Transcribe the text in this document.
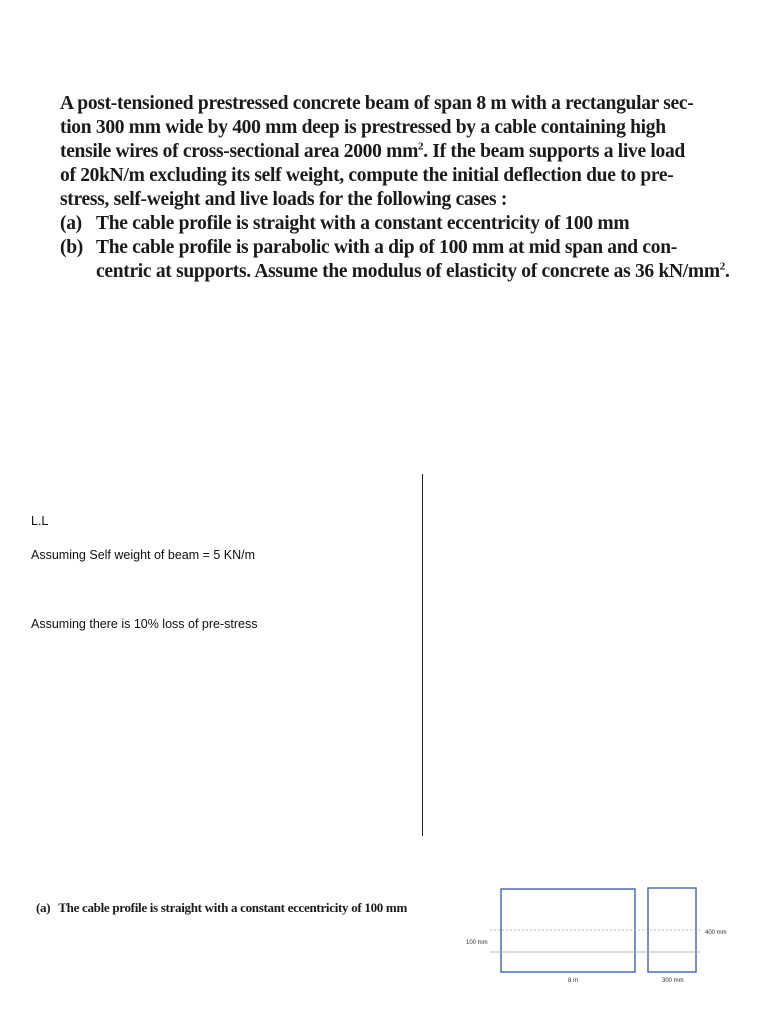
A post-tensioned prestressed concrete beam of span 8 m with a rectangular sec-

tion 300 mm wide by 400 mm deep is prestressed by a cable containing high

tensile wires of cross-sectional area 2000 $mm^2$. If the beam supports a live load

of 20kN/m excluding its self weight, compute the initial deflection due to pre-

stress, self-weight and live loads for the following cases :

(a) The cable profile is straight with a constant eccentricity of 100 mm
(b) The cable profile is parabolic with a dip of 100 mm at mid span and con-
centric at supports. Assume the modulus of elasticity of concrete as 36 $kN/mm^2$.
L.L
Assuming Self weight of beam = 5 KN/m
Assuming there is 10% loss of pre-stress
(a) The cable profile is straight with a constant eccentricity of 100 mm
100 mm
8 m	300 mm
400 mm
